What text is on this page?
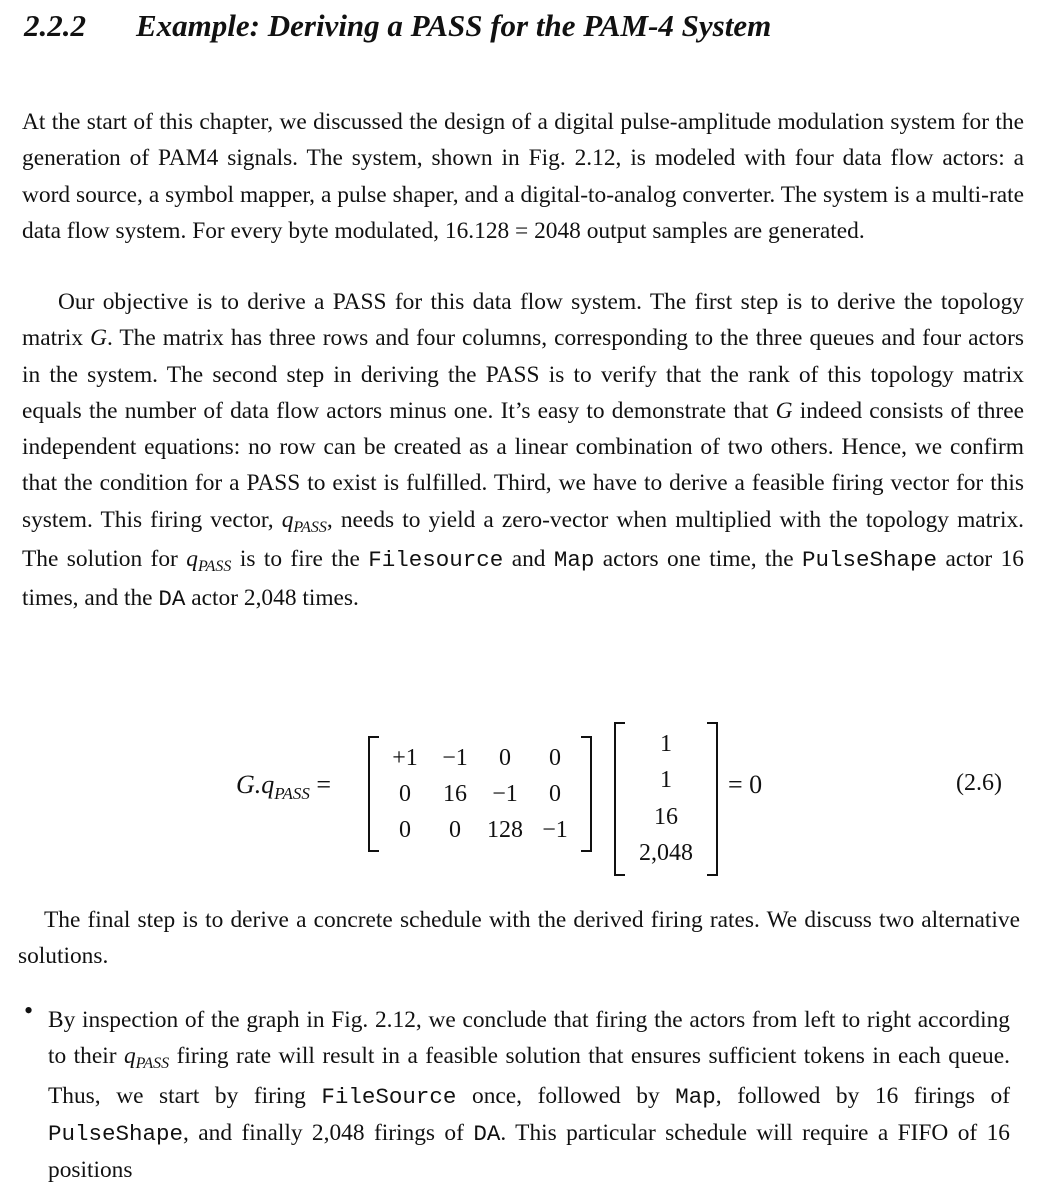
2.2.2 Example: Deriving a PASS for the PAM-4 System

At the start of this chapter, we discussed the design of a digital pulse-amplitude modulation system for the generation of PAM4 signals. The system, shown in Fig. 2.12, is modeled with four data flow actors: a word source, a symbol mapper, a pulse shaper, and a digital-to-analog converter. The system is a multi-rate data flow system. For every byte modulated, 16.128 = 2048 output samples are generated.

Our objective is to derive a PASS for this data flow system. The first step is to derive the topology matrix G. The matrix has three rows and four columns, corresponding to the three queues and four actors in the system. The second step in deriving the PASS is to verify that the rank of this topology matrix equals the number of data flow actors minus one. It’s easy to demonstrate that G indeed consists of three independent equations: no row can be created as a linear combination of two others. Hence, we confirm that the condition for a PASS to exist is fulfilled. Third, we have to derive a feasible firing vector for this system. This firing vector, $q_{PASS}$, needs to yield a zero-vector when multiplied with the topology matrix. The solution for $q_{PASS}$ is to fire the Filesource and Map actors one time, the PulseShape actor 16 times, and the DA actor 2,048 times.

$G.q_{PASS}$ =
+1	−1	0	0
0	16	−1	0
0	0	128	−1
1
1
16
2,048
= 0	(2.6)

The final step is to derive a concrete schedule with the derived firing rates. We discuss two alternative solutions.

• By inspection of the graph in Fig. 2.12, we conclude that firing the actors from left to right according to their $q_{PASS}$ firing rate will result in a feasible solution that ensures sufficient tokens in each queue. Thus, we start by firing FileSource once, followed by Map, followed by 16 firings of PulseShape, and finally 2,048 firings of DA. This particular schedule will require a FIFO of 16 positions
